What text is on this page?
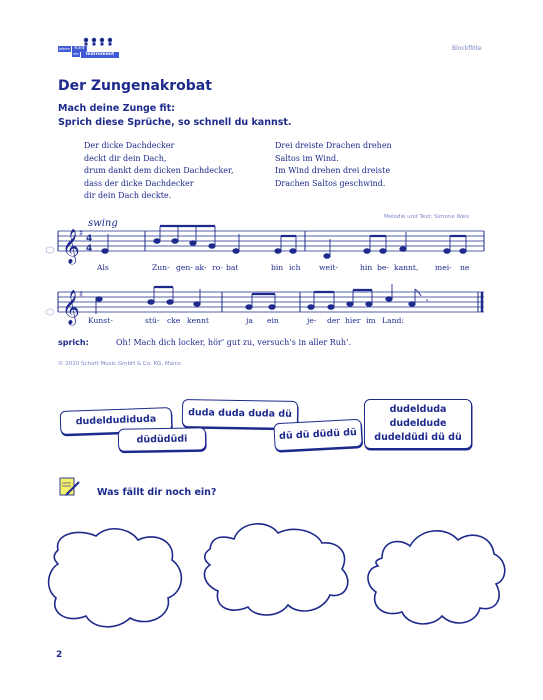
Jedem	Kind
ein	Instrument
Blockflöte
Der Zungenakrobat
Mach deine Zunge fit:
Sprich diese Sprüche, so schnell du kannst.
Der dicke Dachdecker
deckt dir dein Dach,
drum dankt dem dicken Dachdecker,
dass der dicke Dachdecker
dir dein Dach deckte.
Drei dreiste Drachen drehen
Saltos im Wind.
Im Wind drehen drei dreiste
Drachen Saltos geschwind.
Melodie und Text: Simone Weis
swing
𝄞
𝄞
♯
♯
4
4
𝄾
Als	Zun- gen- ak- ro- bat	bin ich weit-	hin be- kannt, mei- ne
Kunst-	stü- cke kennt	ja ein	je- der hier im Land:
sprich:	Oh! Mach dich locker, hör’ gut zu, versuch’s in aller Ruh’.
© 2010 Schott Music GmbH & Co. KG, Mainz
dudeldudiduda
duda duda duda dü
düdüdüdi	dü dü düdü dü
dudelduda
dudeldude
dudeldüdi dü dü
Was fällt dir noch ein?
2
